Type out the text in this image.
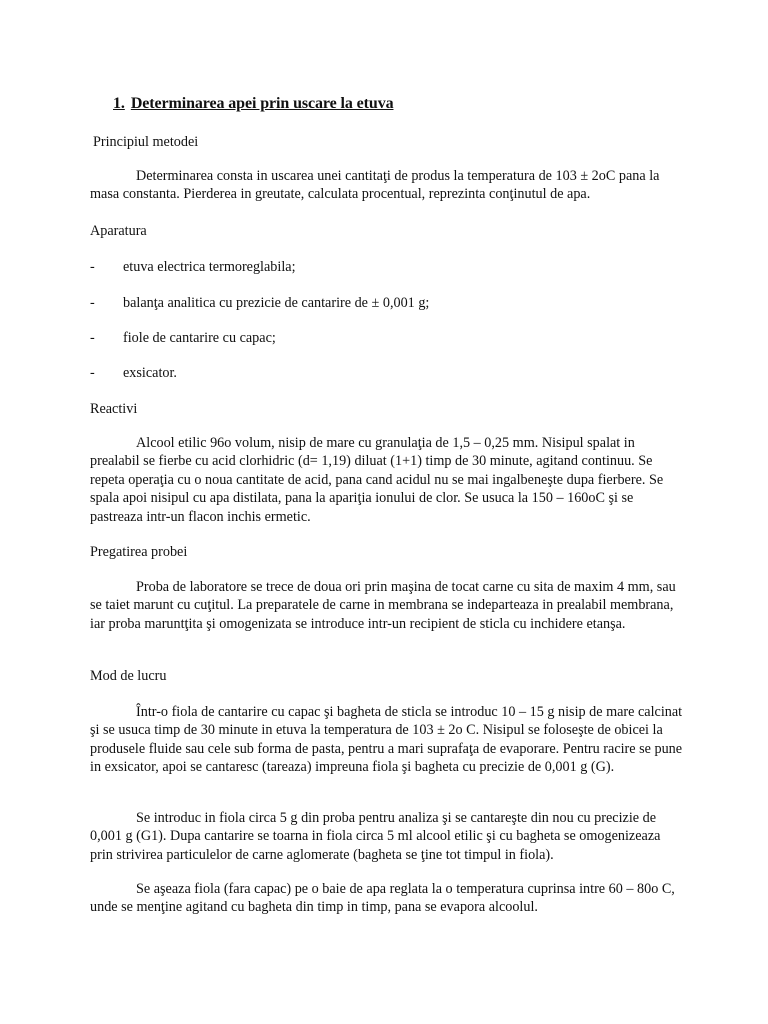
1. Determinarea apei prin uscare la etuva
Principiul metodei

Determinarea consta in uscarea unei cantitaţi de produs la temperatura de 103 ± 2oC pana la masa constanta. Pierderea in greutate, calculata procentual, reprezinta conţinutul de apa.

Aparatura
- etuva electrica termoreglabila;
- balanţa analitica cu prezicie de cantarire de ± 0,001 g;
- fiole de cantarire cu capac;
- exsicator.
Reactivi

Alcool etilic 96o volum, nisip de mare cu granulaţia de 1,5 – 0,25 mm. Nisipul spalat in prealabil se fierbe cu acid clorhidric (d= 1,19) diluat (1+1) timp de 30 minute, agitand continuu. Se repeta operaţia cu o noua cantitate de acid, pana cand acidul nu se mai ingalbeneşte dupa fierbere. Se spala apoi nisipul cu apa distilata, pana la apariţia ionului de clor. Se usuca la 150 – 160oC şi se pastreaza intr-un flacon inchis ermetic.

Pregatirea probei

Proba de laboratore se trece de doua ori prin maşina de tocat carne cu sita de maxim 4 mm, sau se taiet marunt cu cuţitul. La preparatele de carne in membrana se indeparteaza in prealabil membrana, iar proba maruntţita şi omogenizata se introduce intr-un recipient de sticla cu inchidere etanşa.

Mod de lucru

Într-o fiola de cantarire cu capac şi bagheta de sticla se introduc 10 – 15 g nisip de mare calcinat şi se usuca timp de 30 minute in etuva la temperatura de 103 ± 2o C. Nisipul se foloseşte de obicei la produsele fluide sau cele sub forma de pasta, pentru a mari suprafaţa de evaporare. Pentru racire se pune in exsicator, apoi se cantaresc (tareaza) impreuna fiola şi bagheta cu precizie de 0,001 g (G).

Se introduc in fiola circa 5 g din proba pentru analiza şi se cantareşte din nou cu precizie de 0,001 g (G1). Dupa cantarire se toarna in fiola circa 5 ml alcool etilic şi cu bagheta se omogenizeaza prin strivirea particulelor de carne aglomerate (bagheta se ţine tot timpul in fiola).

Se aşeaza fiola (fara capac) pe o baie de apa reglata la o temperatura cuprinsa intre 60 – 80o C, unde se menţine agitand cu bagheta din timp in timp, pana se evapora alcoolul.
